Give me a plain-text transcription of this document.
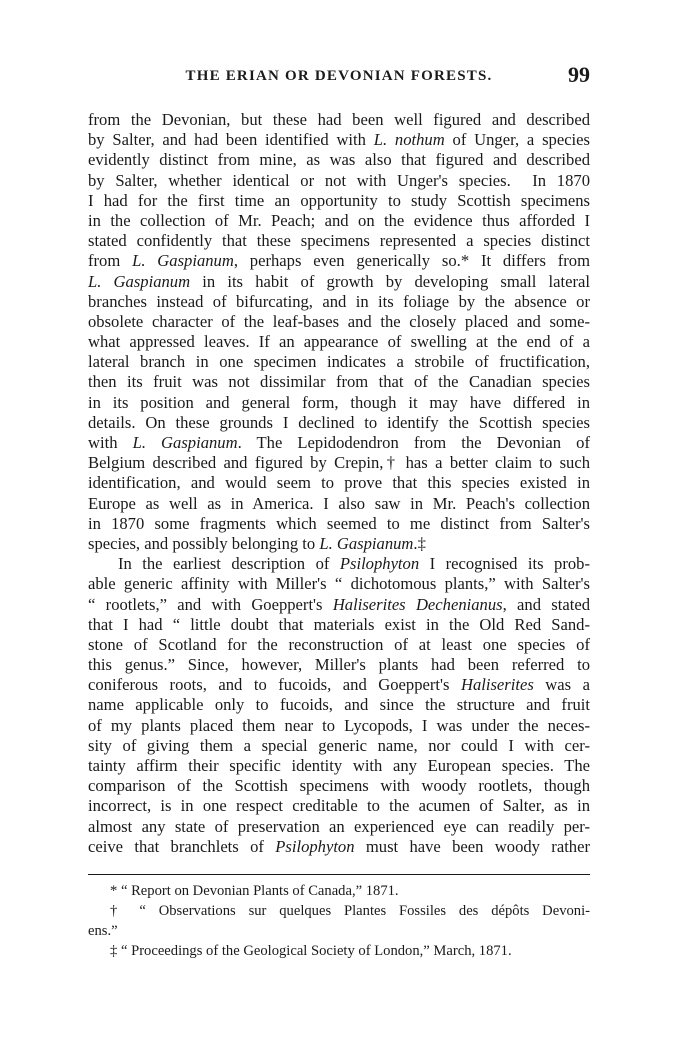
THE ERIAN OR DEVONIAN FORESTS.	99
from the Devonian, but these had been well figured and described
by Salter, and had been identified with L. nothum of Unger, a species
evidently distinct from mine, as was also that figured and described
by Salter, whether identical or not with Unger's species.  In 1870
I had for the first time an opportunity to study Scottish specimens
in the collection of Mr. Peach; and on the evidence thus afforded I
stated confidently that these specimens represented a species distinct
from L. Gaspianum, perhaps even generically so.* It differs from
L. Gaspianum in its habit of growth by developing small lateral
branches instead of bifurcating, and in its foliage by the absence or
obsolete character of the leaf-bases and the closely placed and some-
what appressed leaves. If an appearance of swelling at the end of a
lateral branch in one specimen indicates a strobile of fructification,
then its fruit was not dissimilar from that of the Canadian species
in its position and general form, though it may have differed in
details. On these grounds I declined to identify the Scottish species
with L. Gaspianum. The Lepidodendron from the Devonian of
Belgium described and figured by Crepin,† has a better claim to such
identification, and would seem to prove that this species existed in
Europe as well as in America. I also saw in Mr. Peach's collection
in 1870 some fragments which seemed to me distinct from Salter's
species, and possibly belonging to L. Gaspianum.‡
In the earliest description of Psilophyton I recognised its prob-
able generic affinity with Miller's “ dichotomous plants,” with Salter's
“ rootlets,” and with Goeppert's Haliserites Dechenianus, and stated
that I had “ little doubt that materials exist in the Old Red Sand-
stone of Scotland for the reconstruction of at least one species of
this genus.” Since, however, Miller's plants had been referred to
coniferous roots, and to fucoids, and Goeppert's Haliserites was a
name applicable only to fucoids, and since the structure and fruit
of my plants placed them near to Lycopods, I was under the neces-
sity of giving them a special generic name, nor could I with cer-
tainty affirm their specific identity with any European species. The
comparison of the Scottish specimens with woody rootlets, though
incorrect, is in one respect creditable to the acumen of Salter, as in
almost any state of preservation an experienced eye can readily per-
ceive that branchlets of Psilophyton must have been woody rather
* “ Report on Devonian Plants of Canada,” 1871.
† “ Observations sur quelques Plantes Fossiles des dépôts Devoni-
ens.”
‡ “ Proceedings of the Geological Society of London,” March, 1871.
